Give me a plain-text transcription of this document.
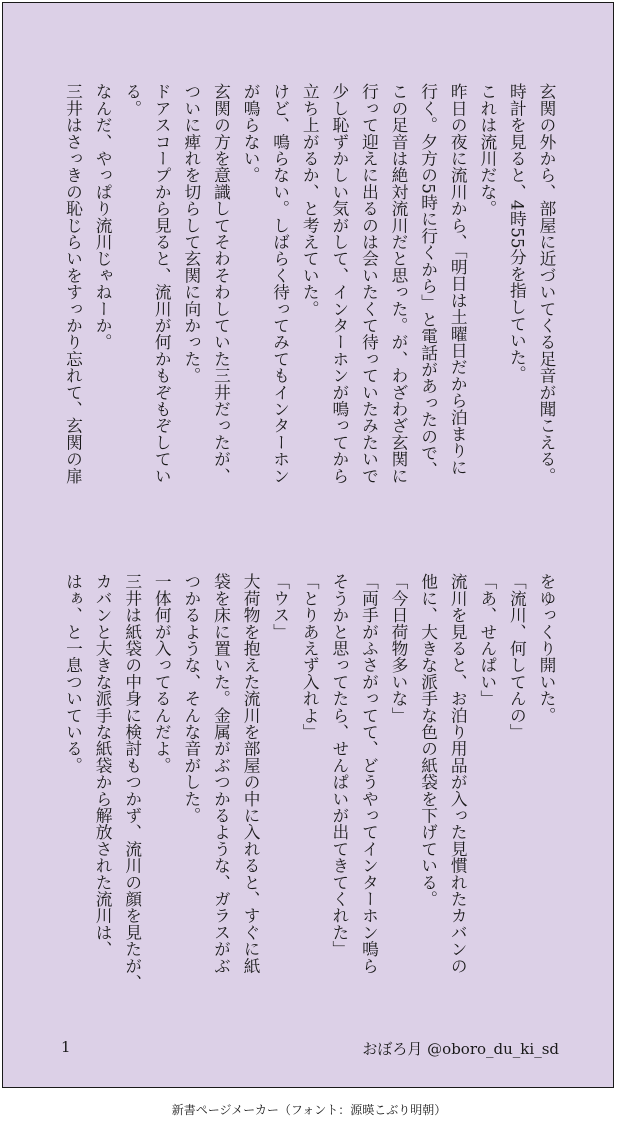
玄関の外から、部屋に近づいてくる足音が聞こえる。
時計を見ると、4時55分を指していた。
これは流川だな。
昨日の夜に流川から、「明日は土曜日だから泊まりに
行く。夕方の5時に行くから」と電話があったので、
この足音は絶対流川だと思った。が、わざわざ玄関に
行って迎えに出るのは会いたくて待っていたみたいで
少し恥ずかしい気がして、インターホンが鳴ってから
立ち上がるか、と考えていた。
けど、鳴らない。しばらく待ってみてもインターホン
が鳴らない。
玄関の方を意識してそわそわしていた三井だったが、
ついに痺れを切らして玄関に向かった。
ドアスコープから見ると、流川が何かもぞもぞしてい
る。
なんだ、やっぱり流川じゃねーか。
三井はさっきの恥じらいをすっかり忘れて、玄関の扉
をゆっくり開いた。
「流川、何してんの」
「あ、せんぱい」
流川を見ると、お泊り用品が入った見慣れたカバンの
他に、大きな派手な色の紙袋を下げている。
「今日荷物多いな」
「両手がふさがってて、どうやってインターホン鳴ら
そうかと思ってたら、せんぱいが出てきてくれた」
「とりあえず入れよ」
「ウス」
大荷物を抱えた流川を部屋の中に入れると、すぐに紙
袋を床に置いた。金属がぶつかるような、ガラスがぶ
つかるような、そんな音がした。
一体何が入ってるんだよ。
三井は紙袋の中身に検討もつかず、流川の顔を見たが、
カバンと大きな派手な紙袋から解放された流川は、
はぁ、と一息ついている。
1	おぼろ月 @oboro_du_ki_sd
新書ページメーカー（フォント：源暎こぶり明朝）
